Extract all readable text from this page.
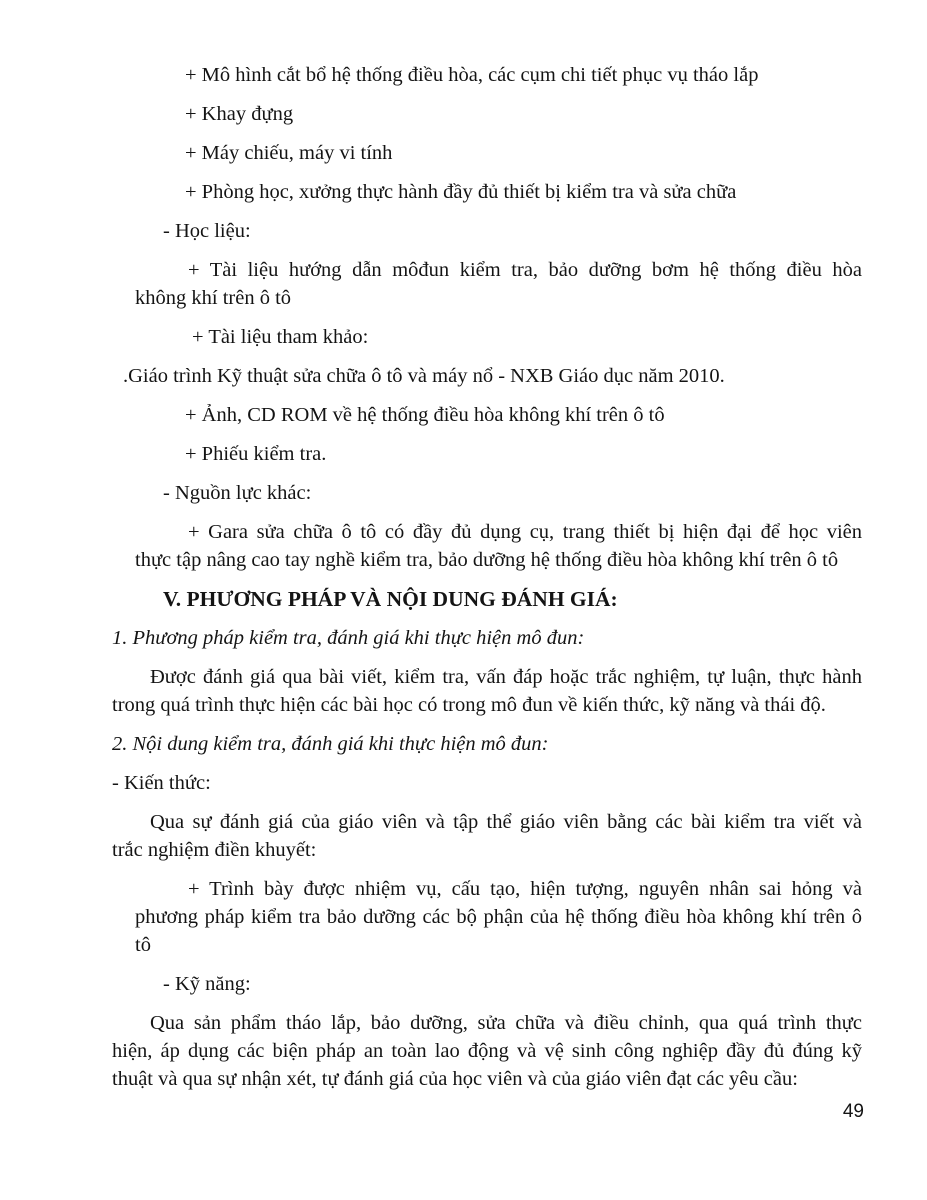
+ Mô hình cắt bổ hệ thống điều hòa, các cụm chi tiết phục vụ tháo lắp
+ Khay đựng
+ Máy chiếu, máy vi tính
+ Phòng học, xưởng thực hành đầy đủ thiết bị kiểm tra và sửa chữa
- Học liệu:
+ Tài liệu hướng dẫn môđun kiểm tra, bảo dưỡng bơm hệ thống điều hòa
không khí trên ô tô
+ Tài liệu tham khảo:
.Giáo trình Kỹ thuật sửa chữa ô tô và máy nổ - NXB Giáo dục năm 2010.
+ Ảnh, CD ROM về hệ thống điều hòa không khí trên ô tô
+ Phiếu kiểm tra.
- Nguồn lực khác:
+ Gara sửa chữa ô tô có đầy đủ dụng cụ, trang thiết bị hiện đại để học viên
thực tập nâng cao tay nghề kiểm tra, bảo dưỡng hệ thống điều hòa không khí trên ô tô
V. PHƯƠNG PHÁP VÀ NỘI DUNG ĐÁNH GIÁ:
1. Phương pháp kiểm tra, đánh giá khi thực hiện mô đun:
Được đánh giá qua bài viết, kiểm tra, vấn đáp hoặc trắc nghiệm, tự luận, thực hành
trong quá trình thực hiện các bài học có trong mô đun về kiến thức, kỹ năng và thái độ.
2. Nội dung kiểm tra, đánh giá khi thực hiện mô đun:
- Kiến thức:
Qua sự đánh giá của giáo viên và tập thể giáo viên bằng các bài kiểm tra viết và
trắc nghiệm điền khuyết:
+ Trình bày được nhiệm vụ, cấu tạo, hiện tượng, nguyên nhân sai hỏng và
phương pháp kiểm tra bảo dưỡng các bộ phận của hệ thống điều hòa không khí trên ô
tô
- Kỹ năng:
Qua sản phẩm tháo lắp, bảo dưỡng, sửa chữa và điều chỉnh, qua quá trình thực
hiện, áp dụng các biện pháp an toàn lao động và vệ sinh công nghiệp đầy đủ đúng kỹ
thuật và qua sự nhận xét, tự đánh giá của học viên và của giáo viên đạt các yêu cầu:
49
